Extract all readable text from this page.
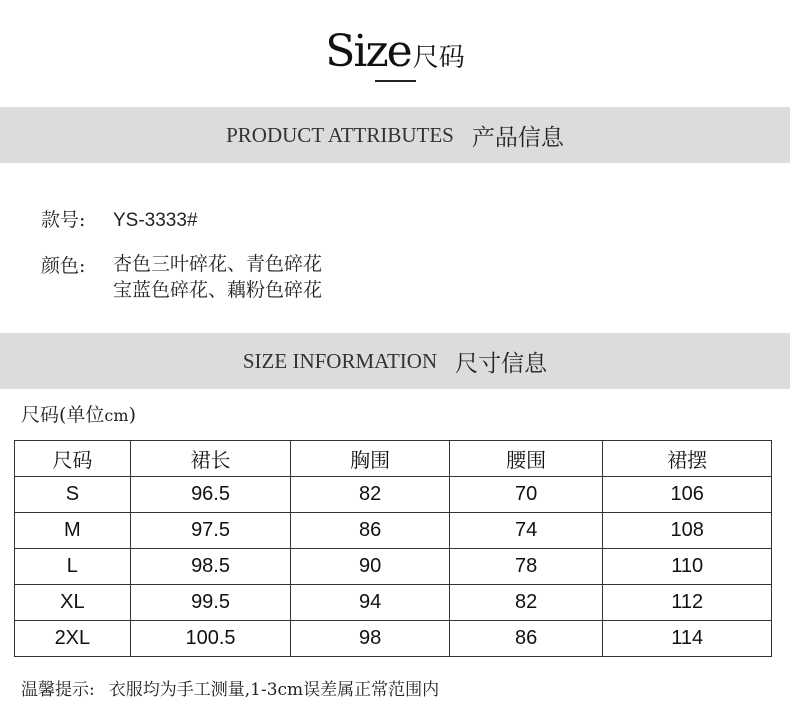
Size尺码
PRODUCT ATTRIBUTES 产品信息
款号: YS-3333#
颜色:	杏色三叶碎花、青色碎花
宝蓝色碎花、藕粉色碎花
SIZE INFORMATION 尺寸信息
尺码(单位cm)
尺码	裙长	胸围	腰围	裙摆
S	96.5	82	70	106
M	97.5	86	74	108
L	98.5	90	78	110
XL	99.5	94	82	112
2XL	100.5	98	86	114
温馨提示: 衣服均为手工测量,1-3cm误差属正常范围内
